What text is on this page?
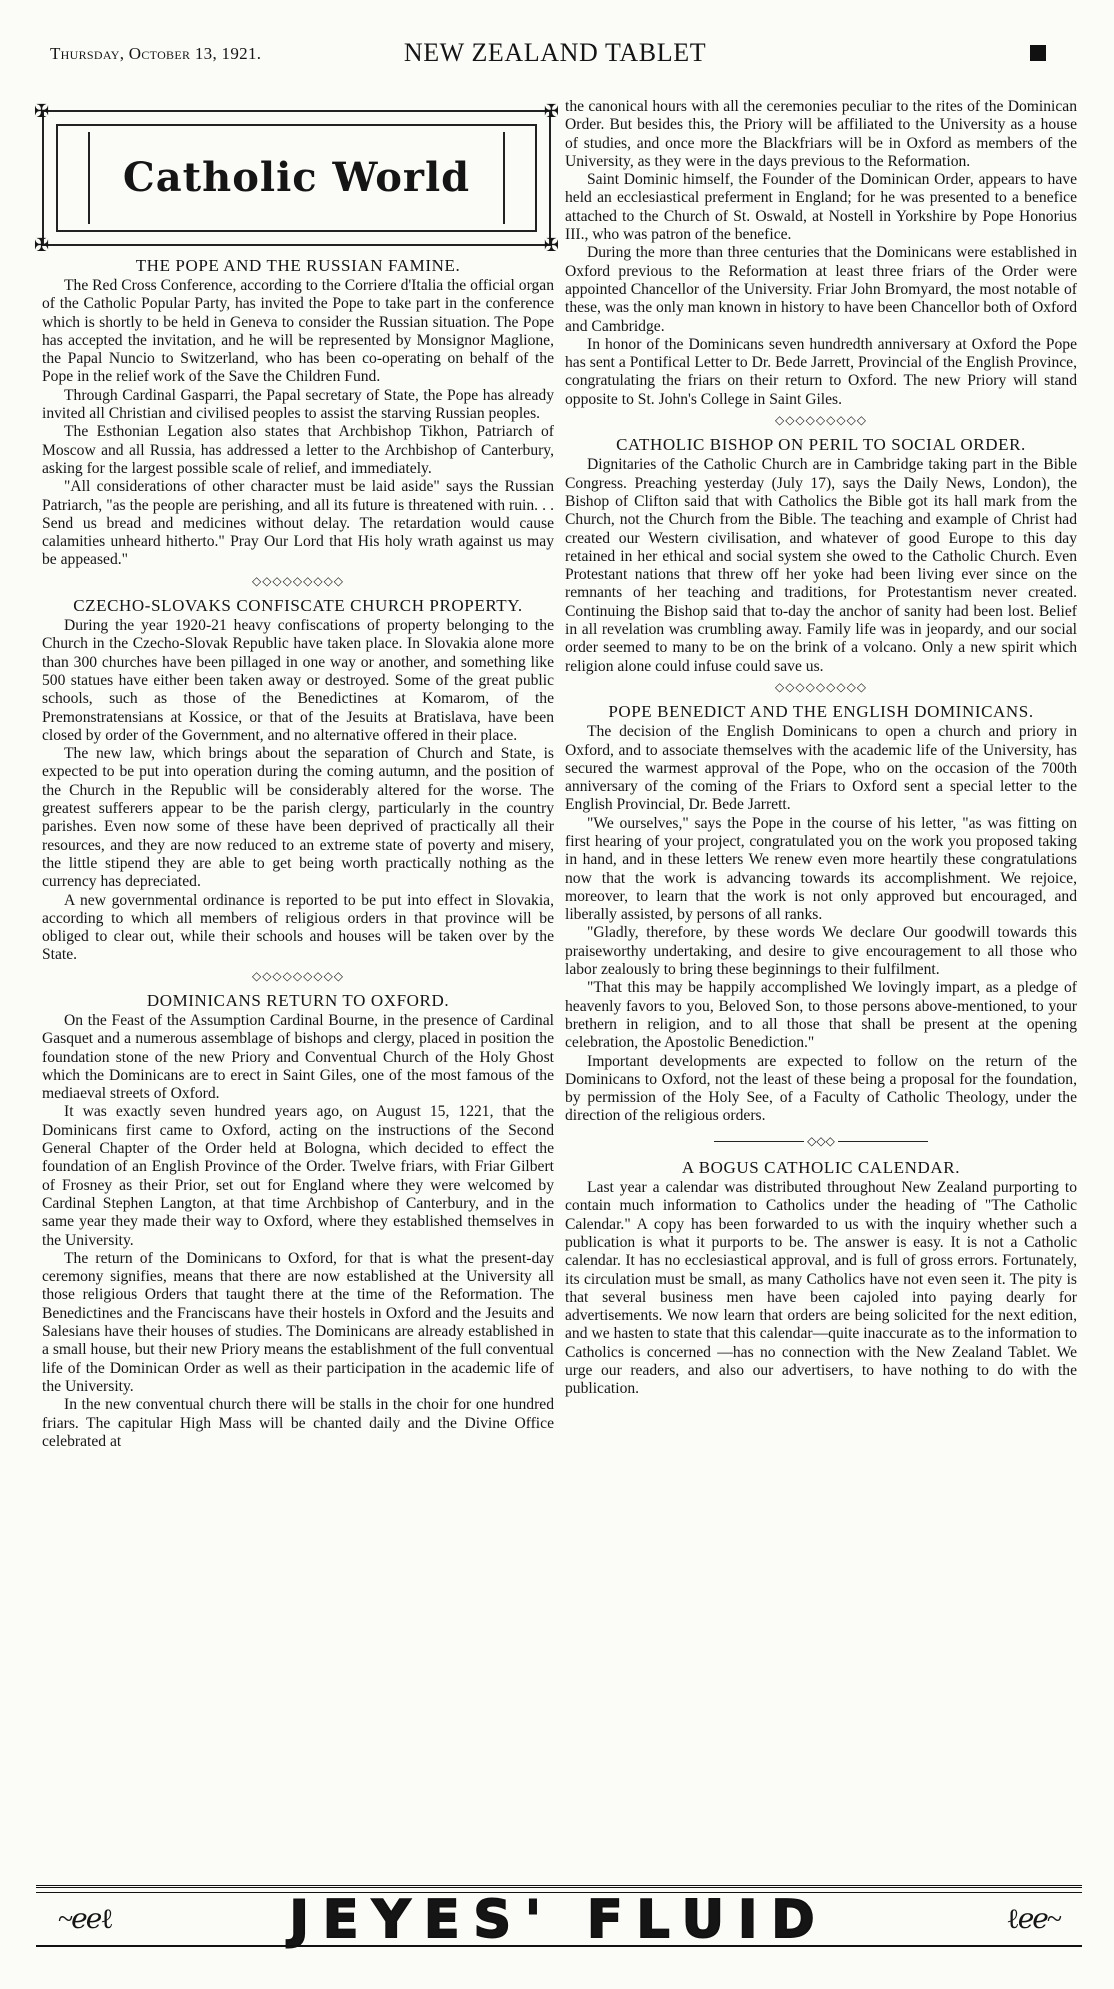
Thursday, October 13, 1921.	NEW ZEALAND TABLET
✠	✠
✠	✠
Catholic World
THE POPE AND THE RUSSIAN FAMINE.

The Red Cross Conference, according to the Corriere d'Italia the official organ of the Catholic Popular Party, has invited the Pope to take part in the conference which is shortly to be held in Geneva to consider the Russian situation. The Pope has accepted the invitation, and he will be represented by Monsignor Maglione, the Papal Nuncio to Switzerland, who has been co-operating on behalf of the Pope in the relief work of the Save the Children Fund.

Through Cardinal Gasparri, the Papal secretary of State, the Pope has already invited all Christian and civilised peoples to assist the starving Russian peoples.

The Esthonian Legation also states that Archbishop Tikhon, Patriarch of Moscow and all Russia, has addressed a letter to the Archbishop of Canterbury, asking for the largest possible scale of relief, and immediately.

"All considerations of other character must be laid aside" says the Russian Patriarch, "as the people are perishing, and all its future is threatened with ruin. . . Send us bread and medicines without delay. The retardation would cause calamities unheard hitherto." Pray Our Lord that His holy wrath against us may be appeased."

◇◇◇◇◇◇◇◇◇
CZECHO-SLOVAKS CONFISCATE CHURCH PROPERTY.

During the year 1920-21 heavy confiscations of property belonging to the Church in the Czecho-Slovak Republic have taken place. In Slovakia alone more than 300 churches have been pillaged in one way or another, and something like 500 statues have either been taken away or destroyed. Some of the great public schools, such as those of the Benedictines at Komarom, of the Premonstratensians at Kossice, or that of the Jesuits at Bratislava, have been closed by order of the Government, and no alternative offered in their place.

The new law, which brings about the separation of Church and State, is expected to be put into operation during the coming autumn, and the position of the Church in the Republic will be considerably altered for the worse. The greatest sufferers appear to be the parish clergy, particularly in the country parishes. Even now some of these have been deprived of practically all their resources, and they are now reduced to an extreme state of poverty and misery, the little stipend they are able to get being worth practically nothing as the currency has depreciated.

A new governmental ordinance is reported to be put into effect in Slovakia, according to which all members of religious orders in that province will be obliged to clear out, while their schools and houses will be taken over by the State.

◇◇◇◇◇◇◇◇◇
DOMINICANS RETURN TO OXFORD.

On the Feast of the Assumption Cardinal Bourne, in the presence of Cardinal Gasquet and a numerous assemblage of bishops and clergy, placed in position the foundation stone of the new Priory and Conventual Church of the Holy Ghost which the Dominicans are to erect in Saint Giles, one of the most famous of the mediaeval streets of Oxford.

It was exactly seven hundred years ago, on August 15, 1221, that the Dominicans first came to Oxford, acting on the instructions of the Second General Chapter of the Order held at Bologna, which decided to effect the foundation of an English Province of the Order. Twelve friars, with Friar Gilbert of Frosney as their Prior, set out for England where they were welcomed by Cardinal Stephen Langton, at that time Archbishop of Canterbury, and in the same year they made their way to Oxford, where they established themselves in the University.

The return of the Dominicans to Oxford, for that is what the present-day ceremony signifies, means that there are now established at the University all those religious Orders that taught there at the time of the Reformation. The Benedictines and the Franciscans have their hostels in Oxford and the Jesuits and Salesians have their houses of studies. The Dominicans are already established in a small house, but their new Priory means the establishment of the full conventual life of the Dominican Order as well as their participation in the academic life of the University.

In the new conventual church there will be stalls in the choir for one hundred friars. The capitular High Mass will be chanted daily and the Divine Office celebrated at

the canonical hours with all the ceremonies peculiar to the rites of the Dominican Order. But besides this, the Priory will be affiliated to the University as a house of studies, and once more the Blackfriars will be in Oxford as members of the University, as they were in the days previous to the Reformation.

Saint Dominic himself, the Founder of the Dominican Order, appears to have held an ecclesiastical preferment in England; for he was presented to a benefice attached to the Church of St. Oswald, at Nostell in Yorkshire by Pope Honorius III., who was patron of the benefice.

During the more than three centuries that the Dominicans were established in Oxford previous to the Reformation at least three friars of the Order were appointed Chancellor of the University. Friar John Bromyard, the most notable of these, was the only man known in history to have been Chancellor both of Oxford and Cambridge.

In honor of the Dominicans seven hundredth anniversary at Oxford the Pope has sent a Pontifical Letter to Dr. Bede Jarrett, Provincial of the English Province, congratulating the friars on their return to Oxford. The new Priory will stand opposite to St. John's College in Saint Giles.

◇◇◇◇◇◇◇◇◇
CATHOLIC BISHOP ON PERIL TO SOCIAL ORDER.

Dignitaries of the Catholic Church are in Cambridge taking part in the Bible Congress. Preaching yesterday (July 17), says the Daily News, London), the Bishop of Clifton said that with Catholics the Bible got its hall mark from the Church, not the Church from the Bible. The teaching and example of Christ had created our Western civilisation, and whatever of good Europe to this day retained in her ethical and social system she owed to the Catholic Church. Even Protestant nations that threw off her yoke had been living ever since on the remnants of her teaching and traditions, for Protestantism never created. Continuing the Bishop said that to-day the anchor of sanity had been lost. Belief in all revelation was crumbling away. Family life was in jeopardy, and our social order seemed to many to be on the brink of a volcano. Only a new spirit which religion alone could infuse could save us.

◇◇◇◇◇◇◇◇◇
POPE BENEDICT AND THE ENGLISH DOMINICANS.

The decision of the English Dominicans to open a church and priory in Oxford, and to associate themselves with the academic life of the University, has secured the warmest approval of the Pope, who on the occasion of the 700th anniversary of the coming of the Friars to Oxford sent a special letter to the English Provincial, Dr. Bede Jarrett.

"We ourselves," says the Pope in the course of his letter, "as was fitting on first hearing of your project, congratulated you on the work you proposed taking in hand, and in these letters We renew even more heartily these congratulations now that the work is advancing towards its accomplishment. We rejoice, moreover, to learn that the work is not only approved but encouraged, and liberally assisted, by persons of all ranks.

"Gladly, therefore, by these words We declare Our goodwill towards this praiseworthy undertaking, and desire to give encouragement to all those who labor zealously to bring these beginnings to their fulfilment.

"That this may be happily accomplished We lovingly impart, as a pledge of heavenly favors to you, Beloved Son, to those persons above-mentioned, to your brethern in religion, and to all those that shall be present at the opening celebration, the Apostolic Benediction."

Important developments are expected to follow on the return of the Dominicans to Oxford, not the least of these being a proposal for the foundation, by permission of the Holy See, of a Faculty of Catholic Theology, under the direction of the religious orders.

◇◇◇
A BOGUS CATHOLIC CALENDAR.

Last year a calendar was distributed throughout New Zealand purporting to contain much information to Catholics under the heading of "The Catholic Calendar." A copy has been forwarded to us with the inquiry whether such a publication is what it purports to be. The answer is easy. It is not a Catholic calendar. It has no ecclesiastical approval, and is full of gross errors. Fortunately, its circulation must be small, as many Catholics have not even seen it. The pity is that several business men have been cajoled into paying dearly for advertisements. We now learn that orders are being solicited for the next edition, and we hasten to state that this calendar—quite inaccurate as to the information to Catholics is concerned —has no connection with the New Zealand Tablet. We urge our readers, and also our advertisers, to have nothing to do with the publication.

~ℯℯℓ	JEYES' FLUID	ℓℯℯ~
